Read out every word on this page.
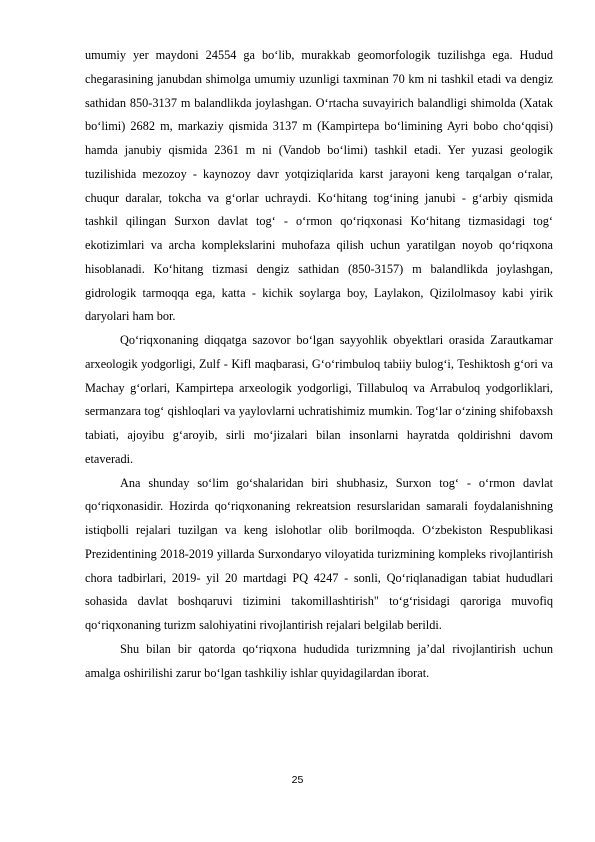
umumiy yer maydoni 24554 ga boʻlib, murakkab geomorfologik tuzilishga ega. Hudud chegarasining janubdan shimolga umumiy uzunligi taxminan 70 km ni tashkil etadi va dengiz sathidan 850-3137 m balandlikda joylashgan. Oʻrtacha suvayirich balandligi shimolda (Xatak boʻlimi) 2682 m, markaziy qismida 3137 m (Kampirtepa boʻlimining Ayri bobo choʻqqisi) hamda janubiy qismida 2361 m ni (Vandob boʻlimi) tashkil etadi. Yer yuzasi geologik tuzilishida mezozoy - kaynozoy davr yotqiziqlarida karst jarayoni keng tarqalgan oʻralar, chuqur daralar, tokcha va gʻorlar uchraydi. Koʻhitang togʻining janubi - gʻarbiy qismida tashkil qilingan Surxon davlat togʻ - oʻrmon qoʻriqxonasi Koʻhitang tizmasidagi togʻ ekotizimlari va archa komplekslarini muhofaza qilish uchun yaratilgan noyob qoʻriqxona hisoblanadi. Koʻhitang tizmasi dengiz sathidan (850-3157) m balandlikda joylashgan, gidrologik tarmoqqa ega, katta - kichik soylarga boy, Laylakon, Qizilolmasoy kabi yirik daryolari ham bor.

Qoʻriqxonaning diqqatga sazovor boʻlgan sayyohlik obyektlari orasida Zarautkamar arxeologik yodgorligi, Zulf - Kifl maqbarasi, Gʻoʻrimbuloq tabiiy bulogʻi, Teshiktosh gʻori va Machay gʻorlari, Kampirtepa arxeologik yodgorligi, Tillabuloq va Arrabuloq yodgorliklari, sermanzara togʻ qishloqlari va yaylovlarni uchratishimiz mumkin. Togʻlar oʻzining shifobaxsh tabiati, ajoyibu gʻaroyib, sirli moʻjizalari bilan insonlarni hayratda qoldirishni davom etaveradi.

Ana shunday soʻlim goʻshalaridan biri shubhasiz, Surxon togʻ - oʻrmon davlat qoʻriqxonasidir. Hozirda qoʻriqxonaning rekreatsion resurslaridan samarali foydalanishning istiqbolli rejalari tuzilgan va keng islohotlar olib borilmoqda. Oʻzbekiston Respublikasi Prezidentining 2018-2019 yillarda Surxondaryo viloyatida turizmining kompleks rivojlantirish chora tadbirlari, 2019- yil 20 martdagi PQ 4247 - sonli, Qoʻriqlanadigan tabiat hududlari sohasida davlat boshqaruvi tizimini takomillashtirish" toʻgʻrisidagi qaroriga muvofiq qoʻriqxonaning turizm salohiyatini rivojlantirish rejalari belgilab berildi.

Shu bilan bir qatorda qoʻriqxona hududida turizmning jaʼdal rivojlantirish uchun amalga oshirilishi zarur boʻlgan tashkiliy ishlar quyidagilardan iborat.

25
